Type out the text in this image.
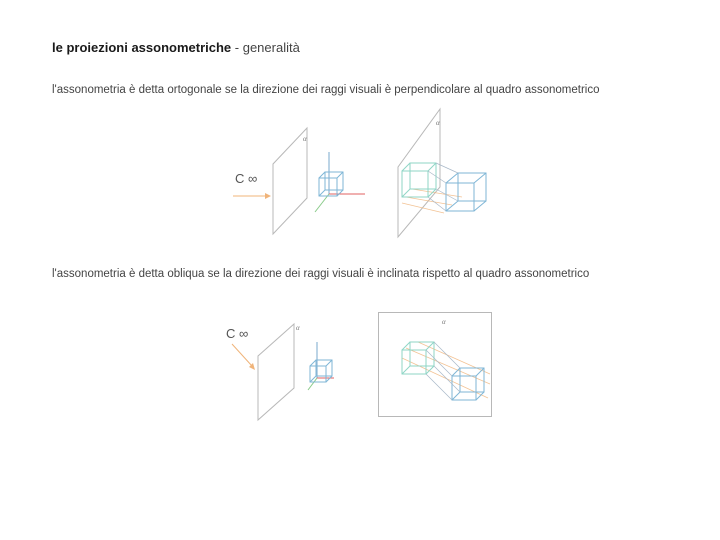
le proiezioni assonometriche - generalità
l'assonometria è detta ortogonale se la direzione dei raggi visuali è perpendicolare al quadro assonometrico
C ∞
α
α
l'assonometria è detta obliqua se la direzione dei raggi visuali è inclinata rispetto al quadro assonometrico
C ∞	α
α
